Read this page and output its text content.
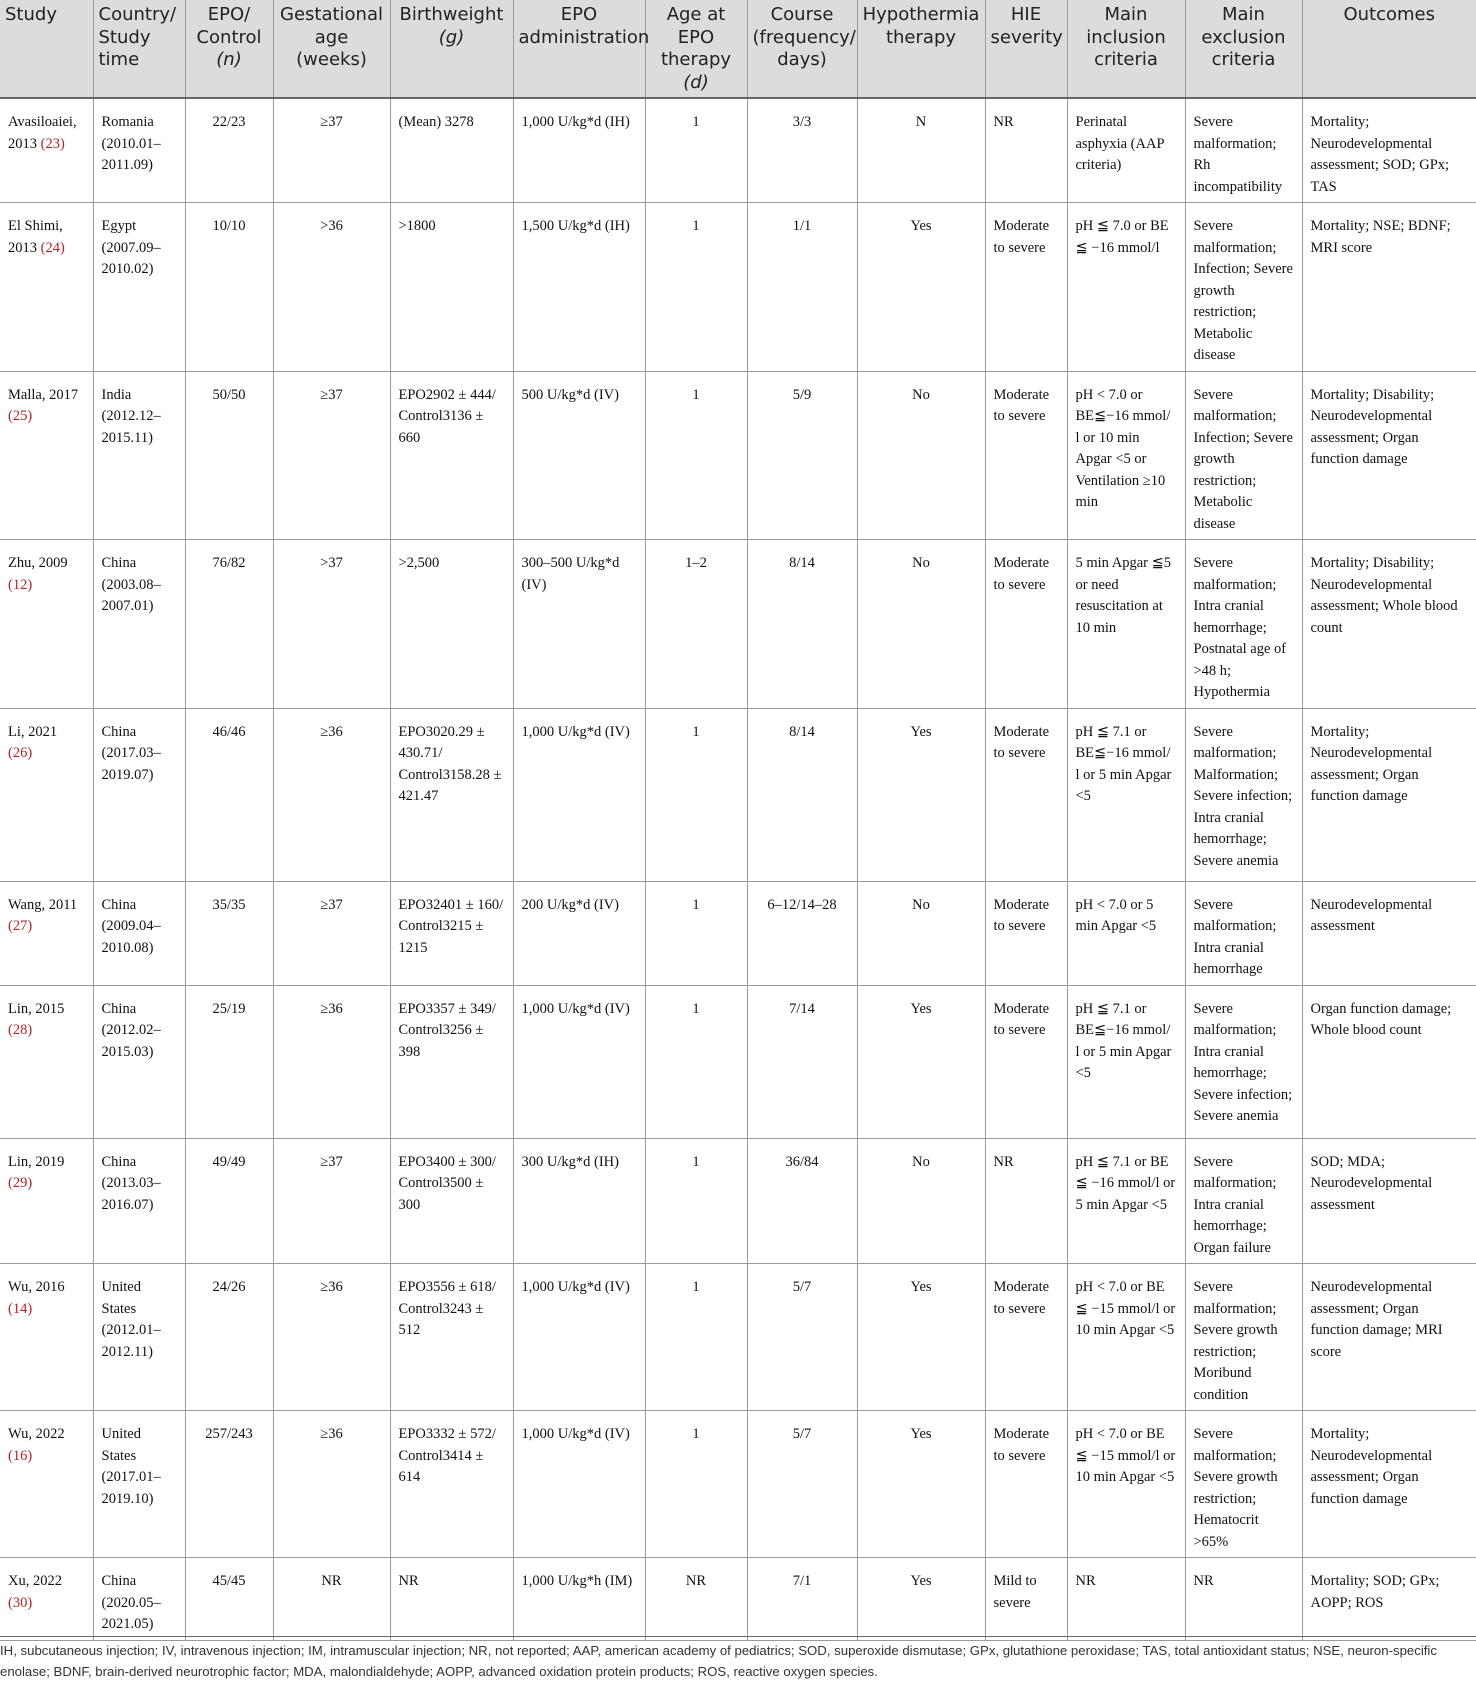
Study	Country/ Study time	EPO/ Control (n)	Gestational age (weeks)	Birthweight (g)	EPO administration	Age at EPO therapy (d)	Course (frequency/ days)	Hypothermia therapy	HIE severity	Main inclusion criteria	Main exclusion criteria	Outcomes
Avasiloaiei, 2013 (23)	Romania (2010.01–2011.09)	22/23	≥37	(Mean) 3278	1,000 U/kg*d (IH)	1	3/3	N	NR	Perinatal asphyxia (AAP criteria)	Severe malformation; Rh incompatibility	Mortality; Neurodevelopmental assessment; SOD; GPx; TAS
El Shimi, 2013 (24)	Egypt (2007.09–2010.02)	10/10	>36	>1800	1,500 U/kg*d (IH)	1	1/1	Yes	Moderate to severe	pH ≦ 7.0 or BE ≦ −16 mmol/l	Severe malformation; Infection; Severe growth restriction; Metabolic disease	Mortality; NSE; BDNF; MRI score
Malla, 2017 (25)	India (2012.12–2015.11)	50/50	≥37	EPO2902 ± 444/ Control3136 ± 660	500 U/kg*d (IV)	1	5/9	No	Moderate to severe	pH < 7.0 or BE≦−16 mmol/ l or 10 min Apgar <5 or Ventilation ≥10 min	Severe malformation; Infection; Severe growth restriction; Metabolic disease	Mortality; Disability; Neurodevelopmental assessment; Organ function damage
Zhu, 2009 (12)	China (2003.08–2007.01)	76/82	>37	>2,500	300–500 U/kg*d (IV)	1–2	8/14	No	Moderate to severe	5 min Apgar ≦5 or need resuscitation at 10 min	Severe malformation; Intra cranial hemorrhage; Postnatal age of >48 h; Hypothermia	Mortality; Disability; Neurodevelopmental assessment; Whole blood count
Li, 2021 (26)	China (2017.03–2019.07)	46/46	≥36	EPO3020.29 ± 430.71/ Control3158.28 ± 421.47	1,000 U/kg*d (IV)	1	8/14	Yes	Moderate to severe	pH ≦ 7.1 or BE≦−16 mmol/ l or 5 min Apgar <5	Severe malformation; Malformation; Severe infection; Intra cranial hemorrhage; Severe anemia	Mortality; Neurodevelopmental assessment; Organ function damage
Wang, 2011 (27)	China (2009.04–2010.08)	35/35	≥37	EPO32401 ± 160/ Control3215 ± 1215	200 U/kg*d (IV)	1	6–12/14–28	No	Moderate to severe	pH < 7.0 or 5 min Apgar <5	Severe malformation; Intra cranial hemorrhage	Neurodevelopmental assessment
Lin, 2015 (28)	China (2012.02–2015.03)	25/19	≥36	EPO3357 ± 349/ Control3256 ± 398	1,000 U/kg*d (IV)	1	7/14	Yes	Moderate to severe	pH ≦ 7.1 or BE≦−16 mmol/ l or 5 min Apgar <5	Severe malformation; Intra cranial hemorrhage; Severe infection; Severe anemia	Organ function damage; Whole blood count
Lin, 2019 (29)	China (2013.03–2016.07)	49/49	≥37	EPO3400 ± 300/ Control3500 ± 300	300 U/kg*d (IH)	1	36/84	No	NR	pH ≦ 7.1 or BE ≦ −16 mmol/l or 5 min Apgar <5	Severe malformation; Intra cranial hemorrhage; Organ failure	SOD; MDA; Neurodevelopmental assessment
Wu, 2016 (14)	United States (2012.01–2012.11)	24/26	≥36	EPO3556 ± 618/ Control3243 ± 512	1,000 U/kg*d (IV)	1	5/7	Yes	Moderate to severe	pH < 7.0 or BE ≦ −15 mmol/l or 10 min Apgar <5	Severe malformation; Severe growth restriction; Moribund condition	Neurodevelopmental assessment; Organ function damage; MRI score
Wu, 2022 (16)	United States (2017.01–2019.10)	257/243	≥36	EPO3332 ± 572/ Control3414 ± 614	1,000 U/kg*d (IV)	1	5/7	Yes	Moderate to severe	pH < 7.0 or BE ≦ −15 mmol/l or 10 min Apgar <5	Severe malformation; Severe growth restriction; Hematocrit >65%	Mortality; Neurodevelopmental assessment; Organ function damage
Xu, 2022 (30)	China (2020.05–2021.05)	45/45	NR	NR	1,000 U/kg*h (IM)	NR	7/1	Yes	Mild to severe	NR	NR	Mortality; SOD; GPx; AOPP; ROS
IH, subcutaneous injection; IV, intravenous injection; IM, intramuscular injection; NR, not reported; AAP, american academy of pediatrics; SOD, superoxide dismutase; GPx, glutathione peroxidase; TAS, total antioxidant status; NSE, neuron-specific enolase; BDNF, brain-derived neurotrophic factor; MDA, malondialdehyde; AOPP, advanced oxidation protein products; ROS, reactive oxygen species.
